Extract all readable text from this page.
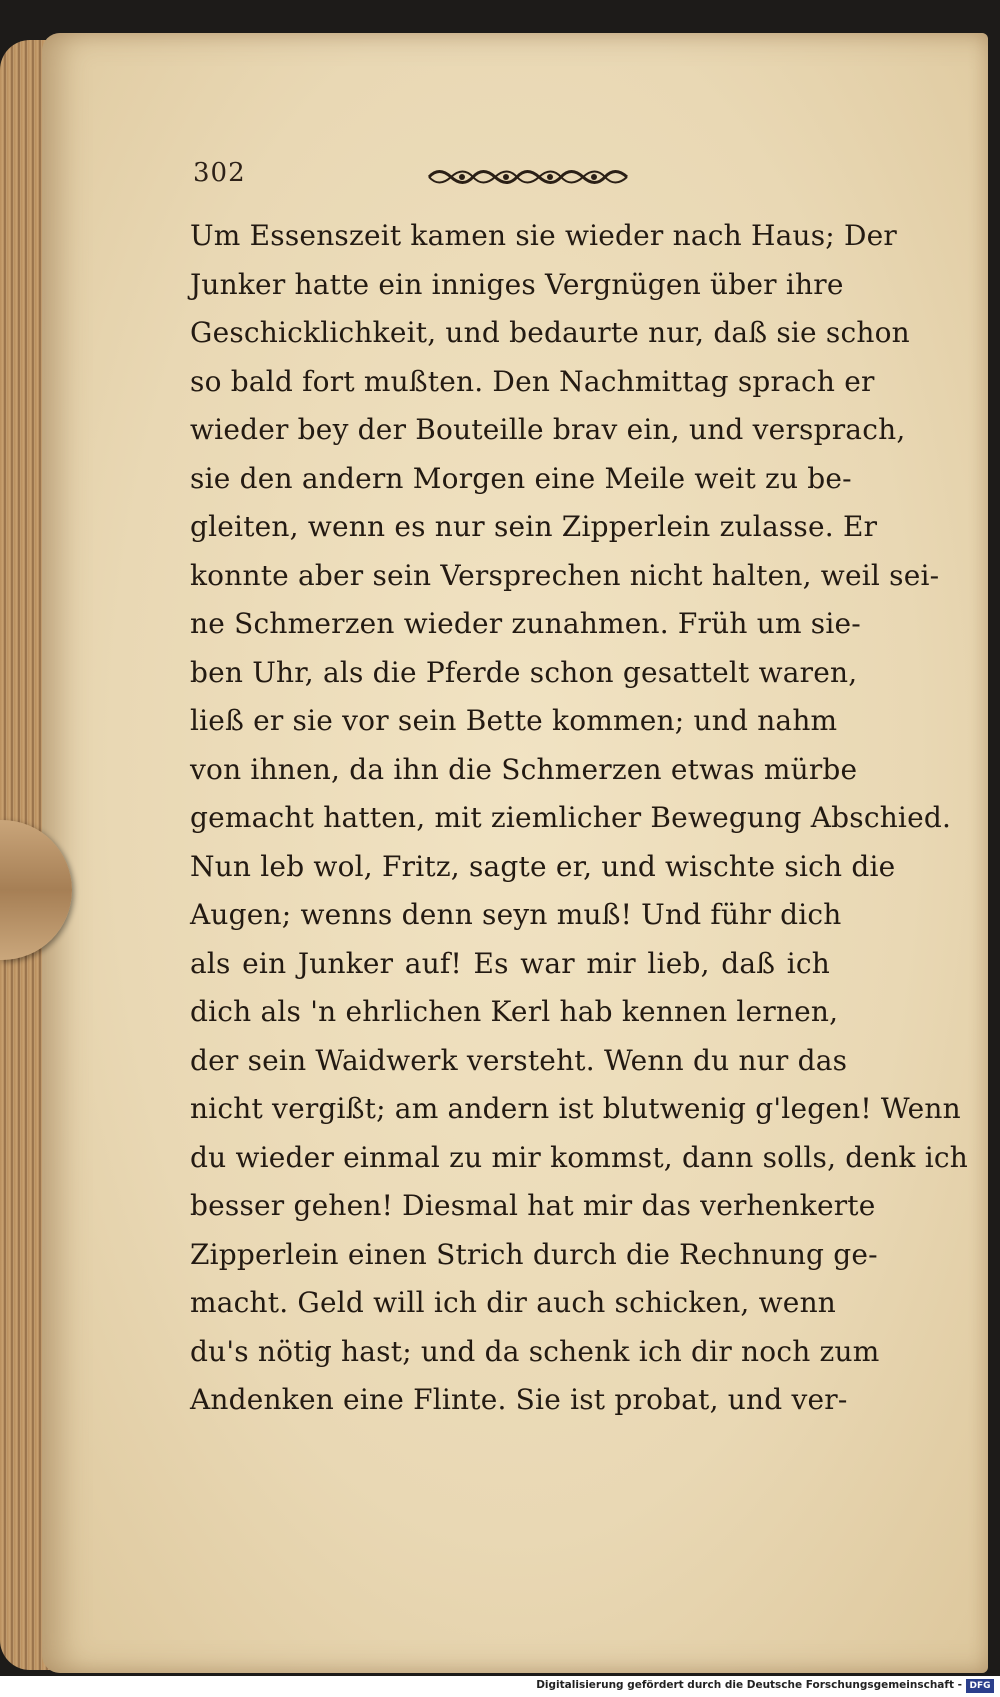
302
Um Essenszeit kamen sie wieder nach Haus; Der
Junker hatte ein inniges Vergnügen über ihre
Geschicklichkeit, und bedaurte nur, daß sie schon
so bald fort mußten. Den Nachmittag sprach er
wieder bey der Bouteille brav ein, und versprach,
sie den andern Morgen eine Meile weit zu be-
gleiten, wenn es nur sein Zipperlein zulasse. Er
konnte aber sein Versprechen nicht halten, weil sei-
ne Schmerzen wieder zunahmen. Früh um sie-
ben Uhr, als die Pferde schon gesattelt waren,
ließ er sie vor sein Bette kommen; und nahm
von ihnen, da ihn die Schmerzen etwas mürbe
gemacht hatten, mit ziemlicher Bewegung Abschied.
Nun leb wol, Fritz, sagte er, und wischte sich die
Augen; wenns denn seyn muß! Und führ dich
als ein Junker auf! Es war mir lieb, daß ich
dich als 'n ehrlichen Kerl hab kennen lernen,
der sein Waidwerk versteht. Wenn du nur das
nicht vergißt; am andern ist blutwenig g'legen! Wenn
du wieder einmal zu mir kommst, dann solls, denk ich
besser gehen! Diesmal hat mir das verhenkerte
Zipperlein einen Strich durch die Rechnung ge-
macht. Geld will ich dir auch schicken, wenn
du's nötig hast; und da schenk ich dir noch zum
Andenken eine Flinte. Sie ist probat, und ver-
Digitalisierung gefördert durch die Deutsche Forschungsgemeinschaft - DFG
